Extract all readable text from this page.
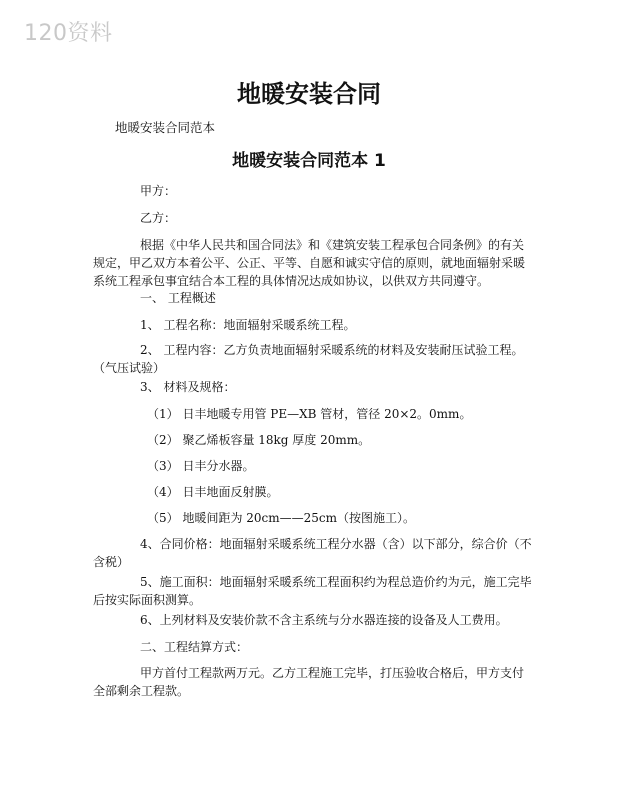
120资料
地暖安装合同
地暖安装合同范本
地暖安装合同范本 1
甲方：
乙方：
根据《中华人民共和国合同法》和《建筑安装工程承包合同条例》的有关规定，甲乙双方本着公平、公正、平等、自愿和诚实守信的原则，就地面辐射采暖系统工程承包事宜结合本工程的具体情况达成如协议，以供双方共同遵守。
一、 工程概述
1、 工程名称：地面辐射采暖系统工程。
2、 工程内容：乙方负责地面辐射采暖系统的材料及安装耐压试验工程。（气压试验）
3、 材料及规格：
（1） 日丰地暖专用管 PE—XB 管材，管径 20×2。0mm。
（2） 聚乙烯板容量 18kg 厚度 20mm。
（3） 日丰分水器。
（4） 日丰地面反射膜。
（5） 地暖间距为 20cm——25cm（按图施工）。
4、合同价格：地面辐射采暖系统工程分水器（含）以下部分，综合价（不含税）
5、施工面积：地面辐射采暖系统工程面积约为程总造价约为元，施工完毕后按实际面积测算。
6、上列材料及安装价款不含主系统与分水器连接的设备及人工费用。
二、工程结算方式：
甲方首付工程款两万元。乙方工程施工完毕，打压验收合格后，甲方支付全部剩余工程款。
